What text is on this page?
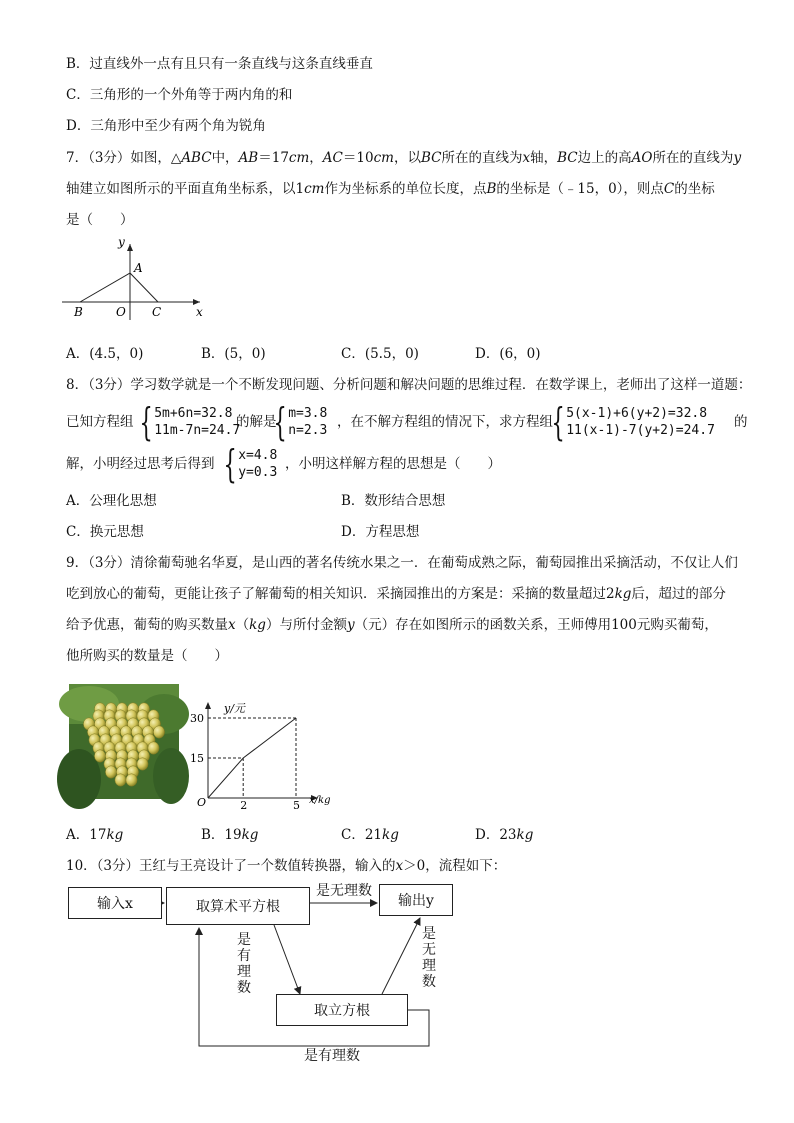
B．过直线外一点有且只有一条直线与这条直线垂直
C．三角形的一个外角等于两内角的和
D．三角形中至少有两个角为锐角
7．（3分）如图，△ABC中，AB＝17cm，AC＝10cm，以BC所在的直线为x轴，BC边上的高AO所在的直线为y
轴建立如图所示的平面直角坐标系，以1cm作为坐标系的单位长度，点B的坐标是（﹣15，0），则点C的坐标
是（　　）
y
A
B	O C	x
A．(4.5，0)	B．(5，0)	C．(5.5，0)	D．(6，0)
8．（3分）学习数学就是一个不断发现问题、分析问题和解决问题的思维过程．在数学课上，老师出了这样一道题：
已知方程组 { 5m+6n=32.8
11m-7n=24.7
的解是
{ m=3.8
n=2.3
，在不解方程组的情况下，求方程组
{ 5(x-1)+6(y+2)=32.8
11(x-1)-7(y+2)=24.7
的
解，小明经过思考后得到 { x=4.8
y=0.3
，小明这样解方程的思想是（　　）
A．公理化思想	B．数形结合思想
C．换元思想	D．方程思想
9．（3分）清徐葡萄驰名华夏，是山西的著名传统水果之一．在葡萄成熟之际，葡萄园推出采摘活动，不仅让人们
吃到放心的葡萄，更能让孩子了解葡萄的相关知识．采摘园推出的方案是：采摘的数量超过2kg后，超过的部分
给予优惠，葡萄的购买数量x（kg）与所付金额y（元）存在如图所示的函数关系，王师傅用100元购买葡萄，
他所购买的数量是（　　）
2	5
15
30
y/元
x/kg
O
A．17kg	B．19kg	C．21kg	D．23kg
10．（3分）王红与王亮设计了一个数值转换器，输入的x＞0，流程如下：
输入x	取算术平方根	输出y
取立方根
是无理数
是有理数
是无理数
是有理数
